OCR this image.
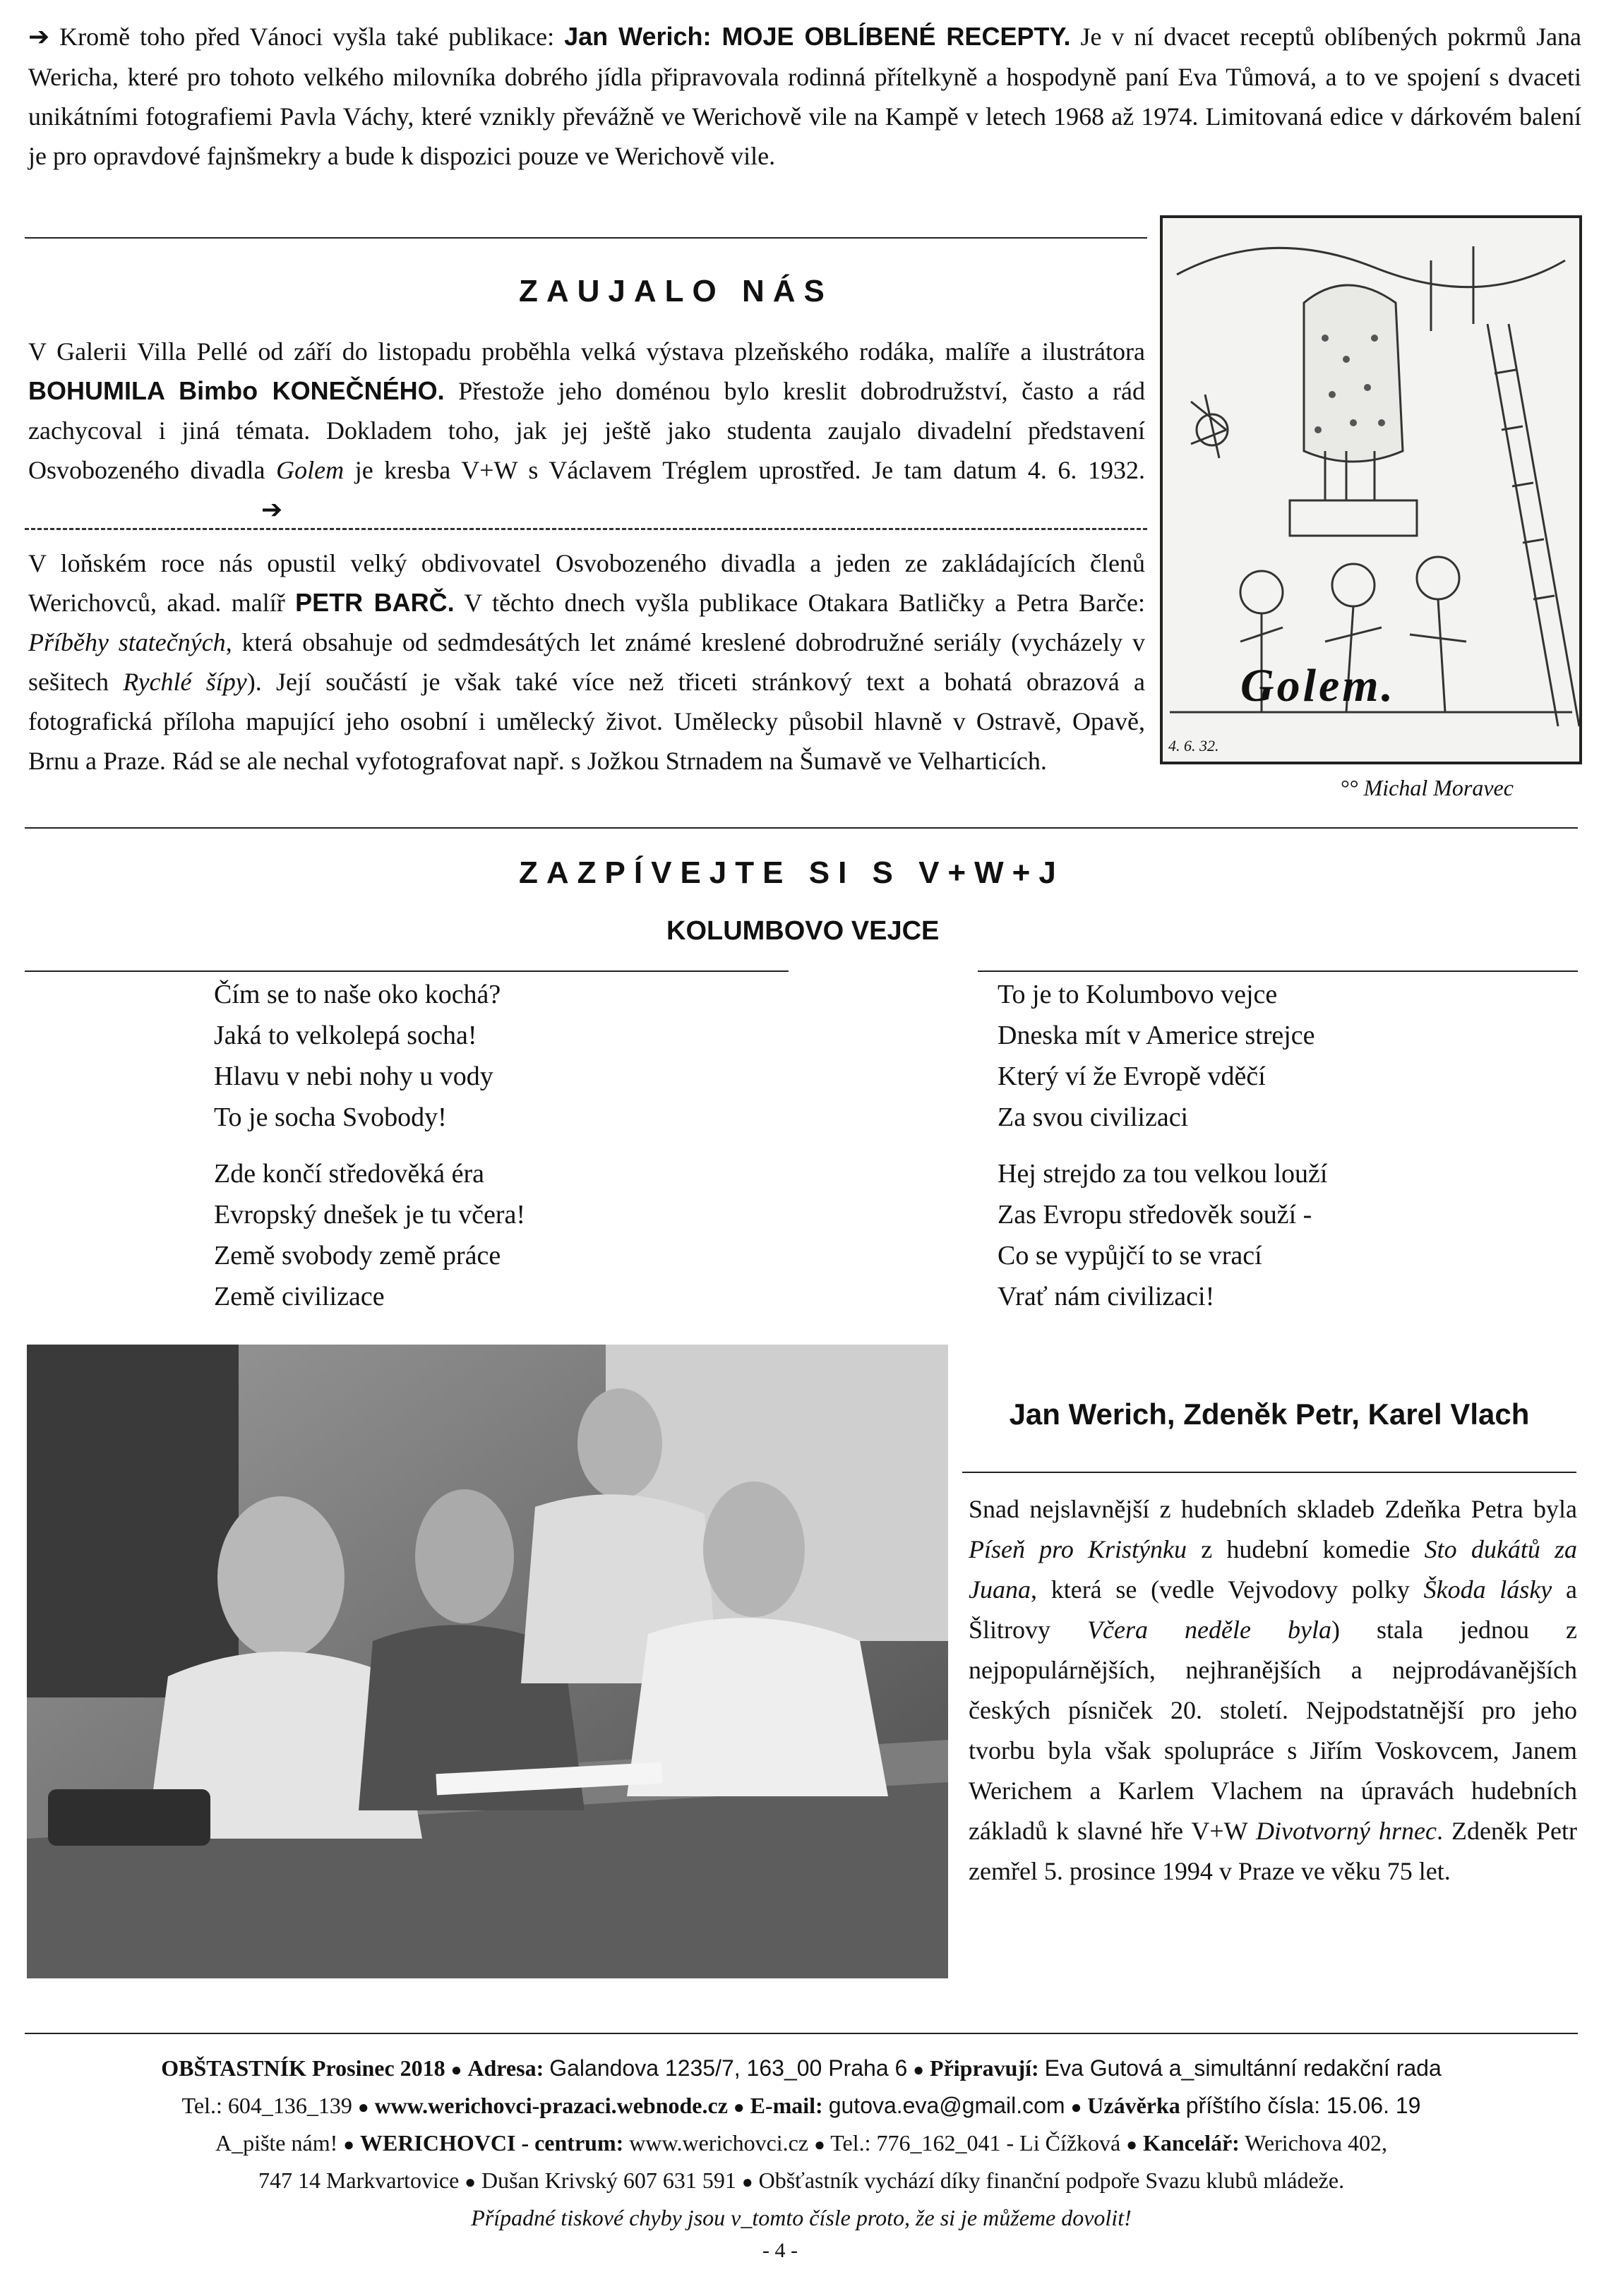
➔ Kromě toho před Vánoci vyšla také publikace: Jan Werich: MOJE OBLÍBENÉ RECEPTY. Je v ní dvacet receptů oblíbených pokrmů Jana Wericha, které pro tohoto velkého milovníka dobrého jídla připravovala rodinná přítelkyně a hospodyně paní Eva Tůmová, a to ve spojení s dvaceti unikátními fotografiemi Pavla Váchy, které vznikly převážně ve Werichově vile na Kampě v letech 1968 až 1974. Limitovaná edice v dárkovém balení je pro opravdové fajnšmekry a bude k dispozici pouze ve Werichově vile.
ZAUJALO NÁS
V Galerii Villa Pellé od září do listopadu proběhla velká výstava plzeňského rodáka, malíře a ilustrátora BOHUMILA Bimbo KONEČNÉHO. Přestože jeho doménou bylo kreslit dobrodružství, často a rád zachycoval i jiná témata. Dokladem toho, jak jej ještě jako studenta zaujalo divadelní představení Osvobozeného divadla Golem je kresba V+W s Václavem Tréglem uprostřed. Je tam datum 4. 6. 1932. ➔
V loňském roce nás opustil velký obdivovatel Osvobozeného divadla a jeden ze zakládajících členů Werichovců, akad. malíř PETR BARČ. V těchto dnech vyšla publikace Otakara Batličky a Petra Barče: Příběhy statečných, která obsahuje od sedmdesátých let známé kreslené dobrodružné seriály (vycházely v sešitech Rychlé šípy). Její součástí je však také více než třiceti stránkový text a bohatá obrazová a fotografická příloha mapující jeho osobní i umělecký život. Umělecky působil hlavně v Ostravě, Opavě, Brnu a Praze. Rád se ale nechal vyfotografovat např. s Jožkou Strnadem na Šumavě ve Velharticích.
Golem.
4. 6. 32.
°° Michal Moravec
ZAZPÍVEJTE SI S V+W+J
KOLUMBOVO VEJCE

Čím se to naše oko kochá?

Jaká to velkolepá socha!

Hlavu v nebi nohy u vody

To je socha Svobody!

Zde končí středověká éra

Evropský dnešek je tu včera!

Země svobody země práce

Země civilizace

To je to Kolumbovo vejce

Dneska mít v Americe strejce

Který ví že Evropě vděčí

Za svou civilizaci

Hej strejdo za tou velkou louží

Zas Evropu středověk souží -

Co se vypůjčí to se vrací

Vrať nám civilizaci!

Jan Werich, Zdeněk Petr, Karel Vlach
Snad nejslavnější z hudebních skladeb Zdeňka Petra byla Píseň pro Kristýnku z hudební komedie Sto dukátů za Juana, která se (vedle Vejvodovy polky Škoda lásky a Šlitrovy Včera neděle byla) stala jednou z nejpopulárnějších, nejhranějších a nejprodávanějších českých písniček 20. století. Nejpodstatnější pro jeho tvorbu byla však spolupráce s Jiřím Voskovcem, Janem Werichem a Karlem Vlachem na úpravách hudebních základů k slavné hře V+W Divotvorný hrnec. Zdeněk Petr zemřel 5. prosince 1994 v Praze ve věku 75 let.
OBŠTASTNÍK Prosinec 2018 ● Adresa: Galandova 1235/7, 163_00 Praha 6 ● Připravují: Eva Gutová a_simultánní redakční rada
Tel.: 604_136_139 ● www.werichovci-prazaci.webnode.cz ● E-mail: gutova.eva@gmail.com ● Uzávěrka příštího čísla: 15.06. 19
A_pište nám! ● WERICHOVCI - centrum: www.werichovci.cz ● Tel.: 776_162_041 - Li Čížková ● Kancelář: Werichova 402,
747 14 Markvartovice ● Dušan Krivský 607 631 591 ● Obšťastník vychází díky finanční podpoře Svazu klubů mládeže.
Případné tiskové chyby jsou v_tomto čísle proto, že si je můžeme dovolit!
- 4 -
